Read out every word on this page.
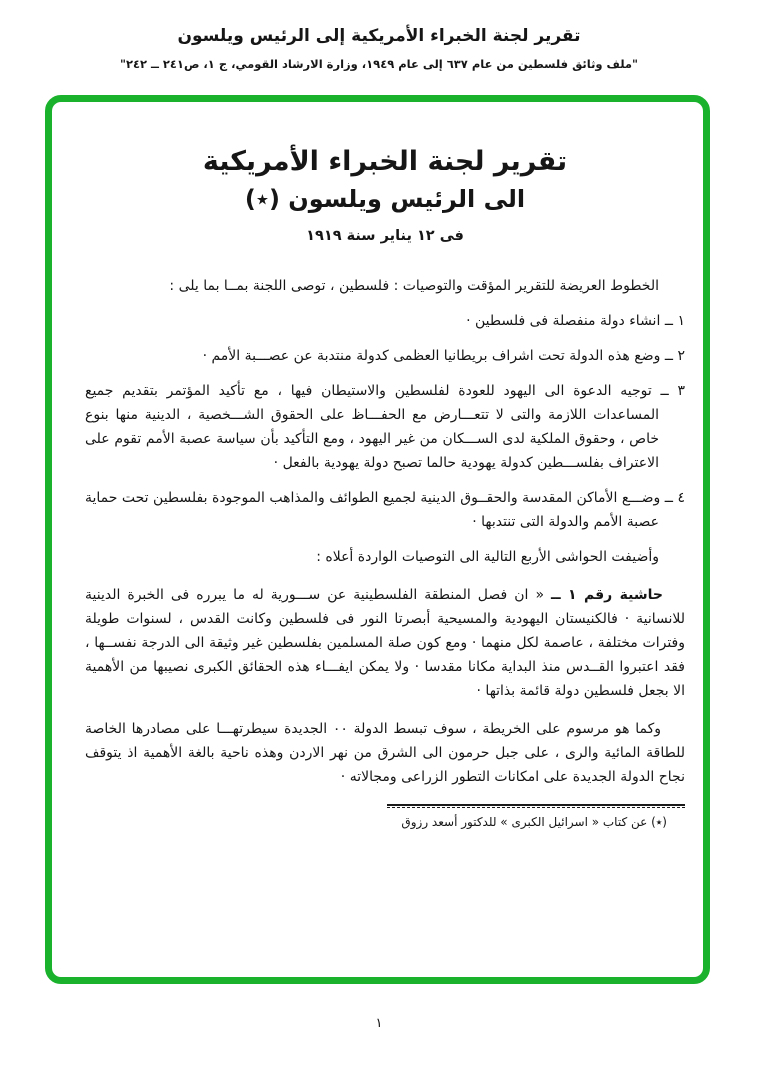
تقرير لجنة الخبراء الأمريكية إلى الرئيس ويلسون
"ملف وثائق فلسطين من عام ٦٣٧ إلى عام ١٩٤٩، وزارة الارشاد القومي، ج ١، ص٢٤١ ــ ٢٤٢"
تقرير لجنة الخبراء الأمريكية
الى الرئيس ويلسون (٭)
فى ١٢ يناير سنة ١٩١٩

الخطوط العريضة للتقرير المؤقت والتوصيات : فلسطين ، توصى اللجنة بمــا بما يلى :

١ ــ انشاء دولة منفصلة فى فلسطين ·
٢ ــ وضع هذه الدولة تحت اشراف بريطانيا العظمى كدولة منتدبة عن عصـــبة الأمم ·
٣ ــ توجيه الدعوة الى اليهود للعودة لفلسطين والاستيطان فيها ، مع تأكيد المؤتمر بتقديم جميع المساعدات اللازمة والتى لا تتعـــارض مع الحفـــاظ على الحقوق الشـــخصية ، الدينية منها بنوع خاص ، وحقوق الملكية لدى الســـكان من غير اليهود ، ومع التأكيد بأن سياسة عصبة الأمم تقوم على الاعتراف بفلســـطين كدولة يهودية حالما تصبح دولة يهودية بالفعل ·
٤ ــ وضـــع الأماكن المقدسة والحقــوق الدينية لجميع الطوائف والمذاهب الموجودة بفلسطين تحت حماية عصبة الأمم والدولة التى تنتدبها ·

وأضيفت الحواشى الأربع التالية الى التوصيات الواردة أعلاه :

حاشية رقم ١ ــ « ان فصل المنطقة الفلسطينية عن ســـورية له ما يبرره فى الخبرة الدينية للانسانية · فالكنيستان اليهودية والمسيحية أبصرتا النور فى فلسطين وكانت القدس ، لسنوات طويلة وفترات مختلفة ، عاصمة لكل منهما · ومع كون صلة المسلمين بفلسطين غير وثيقة الى الدرجة نفســها ، فقد اعتبروا القــدس منذ البداية مكانا مقدسا · ولا يمكن ايفـــاء هذه الحقائق الكبرى نصيبها من الأهمية الا بجعل فلسطين دولة قائمة بذاتها ·

وكما هو مرسوم على الخريطة ، سوف تبسط الدولة ٠٠ الجديدة سيطرتهـــا على مصادرها الخاصة للطاقة المائية والرى ، على جبل حرمون الى الشرق من نهر الاردن وهذه ناحية بالغة الأهمية اذ يتوقف نجاح الدولة الجديدة على امكانات التطور الزراعى ومجالاته ·

(٭) عن كتاب « اسرائيل الكبرى » للدكتور أسعد رزوق
١
